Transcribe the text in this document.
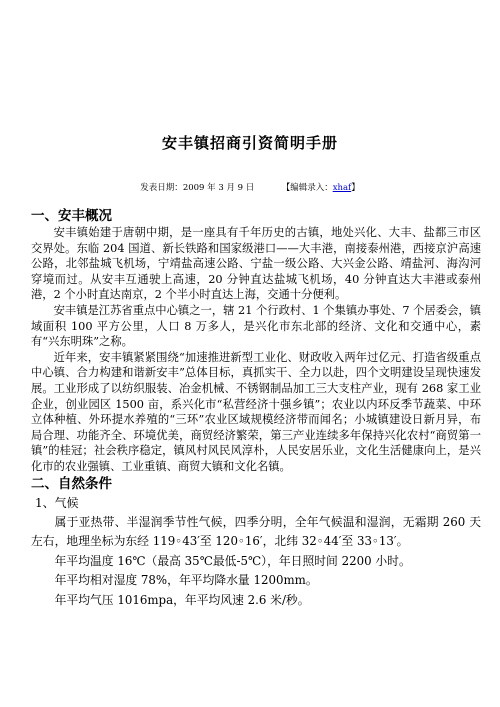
安丰镇招商引资简明手册
发表日期：2009 年 3 月 9 日	【编辑录入：xhaf】
一、安丰概况

安丰镇始建于唐朝中期，是一座具有千年历史的古镇，地处兴化、大丰、盐都三市区交界处。东临 204 国道、新长铁路和国家级港口——大丰港，南接泰州港，西接京沪高速公路，北邻盐城飞机场，宁靖盐高速公路、宁盐一级公路、大兴金公路、靖盐河、海沟河穿境而过。从安丰互通驶上高速，20 分钟直达盐城飞机场，40 分钟直达大丰港或泰州港，2 个小时直达南京，2 个半小时直达上海，交通十分便利。

安丰镇是江苏省重点中心镇之一，辖 21 个行政村、1 个集镇办事处、7 个居委会，镇域面积 100 平方公里，人口 8 万多人，是兴化市东北部的经济、文化和交通中心，素有“兴东明珠”之称。

近年来，安丰镇紧紧围绕“加速推进新型工业化、财政收入两年过亿元、打造省级重点中心镇、合力构建和谐新安丰”总体目标，真抓实干、全力以赴，四个文明建设呈现快速发展。工业形成了以纺织服装、冶金机械、不锈钢制品加工三大支柱产业，现有 268 家工业企业，创业园区 1500 亩，系兴化市“私营经济十强乡镇”；农业以内环反季节蔬菜、中环立体种植、外环提水养殖的“三环”农业区域规模经济带而闻名；小城镇建设日新月异，布局合理、功能齐全、环境优美，商贸经济繁荣，第三产业连续多年保持兴化农村“商贸第一镇”的桂冠；社会秩序稳定，镇风村风民风淳朴，人民安居乐业，文化生活健康向上，是兴化市的农业强镇、工业重镇、商贸大镇和文化名镇。

二、自然条件
1、气候

属于亚热带、半湿润季节性气候，四季分明，全年气候温和湿润，无霜期 260 天左右，地理坐标为东经 119◦43′至 120◦16′，北纬 32◦44′至 33◦13′。

年平均温度 16℃（最高 35℃最低-5℃），年日照时间 2200 小时。

年平均相对湿度 78%，年平均降水量 1200mm。

年平均气压 1016mpa，年平均风速 2.6 米/秒。
